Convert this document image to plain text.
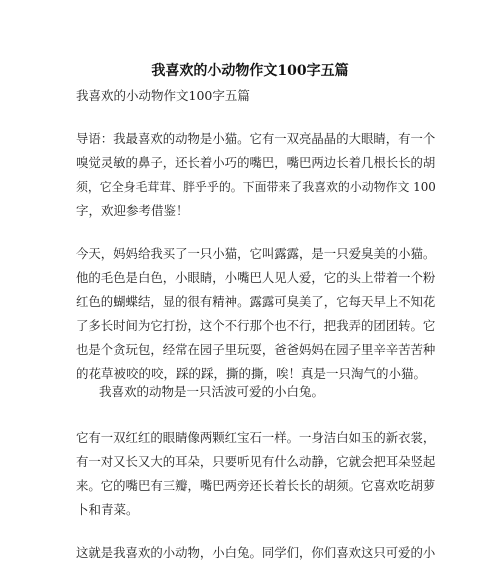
我喜欢的小动物作文100字五篇
我喜欢的小动物作文100字五篇
导语：我最喜欢的动物是小猫。它有一双亮晶晶的大眼睛，有一个
嗅觉灵敏的鼻子，还长着小巧的嘴巴，嘴巴两边长着几根长长的胡
须，它全身毛茸茸、胖乎乎的。下面带来了我喜欢的小动物作文 100
字，欢迎参考借鉴！
今天，妈妈给我买了一只小猫，它叫露露，是一只爱臭美的小猫。
他的毛色是白色，小眼睛，小嘴巴人见人爱，它的头上带着一个粉
红色的蝴蝶结，显的很有精神。露露可臭美了，它每天早上不知花
了多长时间为它打扮，这个不行那个也不行，把我弄的团团转。它
也是个贪玩包，经常在园子里玩耍，爸爸妈妈在园子里辛辛苦苦种
的花草被咬的咬，踩的踩，撕的撕，唉！真是一只淘气的小猫。
我喜欢的动物是一只活波可爱的小白兔。
它有一双红红的眼睛像两颗红宝石一样。一身洁白如玉的新衣裳，
有一对又长又大的耳朵，只要听见有什么动静，它就会把耳朵竖起
来。它的嘴巴有三瓣，嘴巴两旁还长着长长的胡须。它喜欢吃胡萝
卜和青菜。
这就是我喜欢的小动物，小白兔。同学们，你们喜欢这只可爱的小
